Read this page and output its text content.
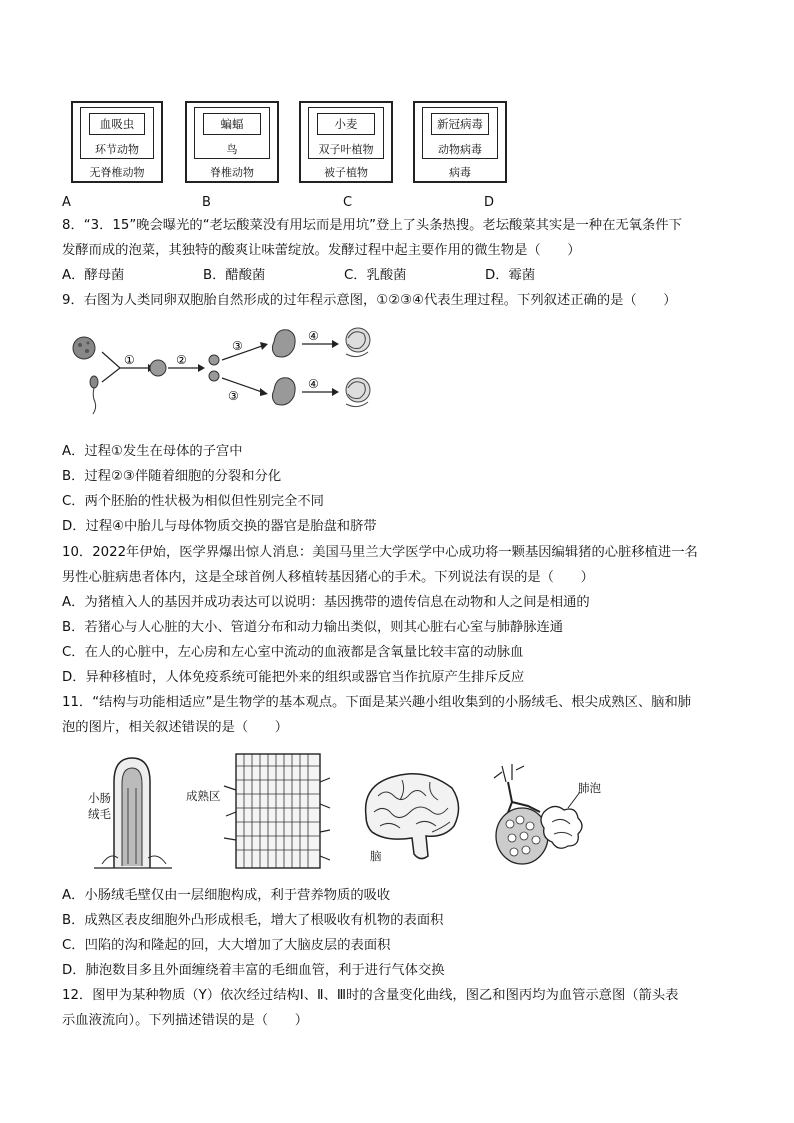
血吸虫
环节动物
无脊椎动物
蝙蝠
鸟
脊椎动物
小麦
双子叶植物
被子植物
新冠病毒
动物病毒
病毒
A	B	C	D
8．“3．15”晚会曝光的“老坛酸菜没有用坛而是用坑”登上了头条热搜。老坛酸菜其实是一种在无氧条件下
发酵而成的泡菜，其独特的酸爽让味蕾绽放。发酵过程中起主要作用的微生物是（　　）
A．酵母菌	B．醋酸菌	C．乳酸菌	D．霉菌
9．右图为人类同卵双胞胎自然形成的过年程示意图，①②③④代表生理过程。下列叙述正确的是（　　）
①	②
③
③
④
④
A．过程①发生在母体的子宫中
B．过程②③伴随着细胞的分裂和分化
C．两个胚胎的性状极为相似但性别完全不同
D．过程④中胎儿与母体物质交换的器官是胎盘和脐带
10．2022年伊始，医学界爆出惊人消息：美国马里兰大学医学中心成功将一颗基因编辑猪的心脏移植进一名
男性心脏病患者体内，这是全球首例人移植转基因猪心的手术。下列说法有误的是（　　）
A．为猪植入人的基因并成功表达可以说明：基因携带的遗传信息在动物和人之间是相通的
B．若猪心与人心脏的大小、管道分布和动力输出类似，则其心脏右心室与肺静脉连通
C．在人的心脏中，左心房和左心室中流动的血液都是含氧量比较丰富的动脉血
D．异种移植时，人体免疫系统可能把外来的组织或器官当作抗原产生排斥反应
11．“结构与功能相适应”是生物学的基本观点。下面是某兴趣小组收集到的小肠绒毛、根尖成熟区、脑和肺
泡的图片，相关叙述错误的是（　　）
小肠
绒毛
成熟区
脑
肺泡
A．小肠绒毛壁仅由一层细胞构成，利于营养物质的吸收
B．成熟区表皮细胞外凸形成根毛，增大了根吸收有机物的表面积
C．凹陷的沟和隆起的回，大大增加了大脑皮层的表面积
D．肺泡数目多且外面缠绕着丰富的毛细血管，利于进行气体交换
12．图甲为某种物质（Y）依次经过结构Ⅰ、Ⅱ、Ⅲ时的含量变化曲线，图乙和图丙均为血管示意图（箭头表
示血液流向）。下列描述错误的是（　　）
